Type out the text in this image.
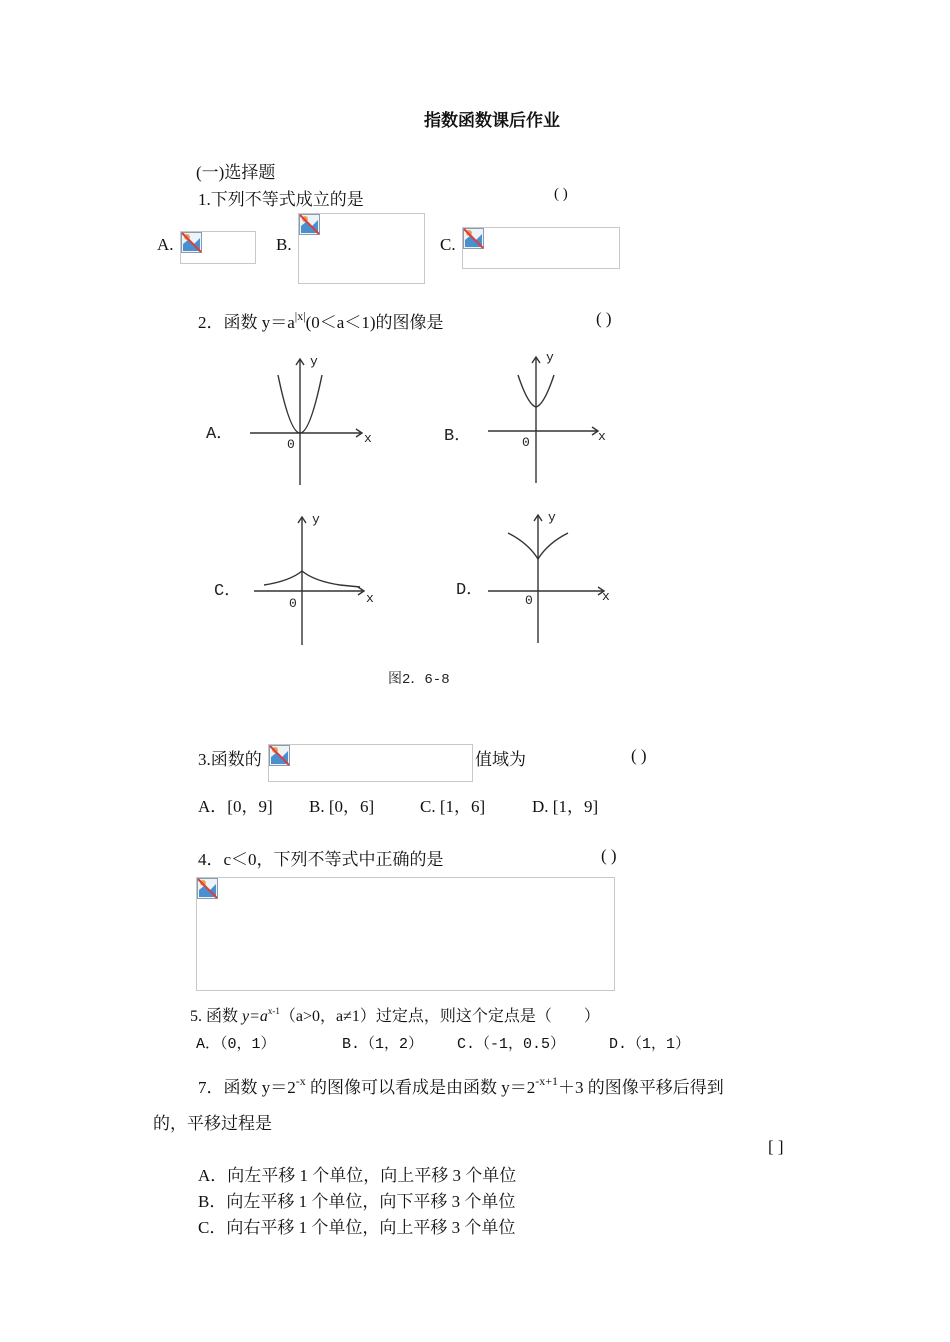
指数函数课后作业
(一)选择题
1.下列不等式成立的是	( )
A.	B.	C.
2．函数 $y=a^{|x|}(0<a<1)$的图像是	( )
A．
0	x
y
B．	0	x
y
C．
0	x
y
D．
0	x
y
图2．6-8
3.函数的	值域为	( )
A．[0，9] B. [0，6]	C. [1，6]	D. [1，9]
4．c＜0，下列不等式中正确的是	( )
5. 函数 $y=a^{x-1}(a>0$，a≠1）过定点，则这个定点是（　　）
A．（0，1）	B.（1，2） C.（-1，0.5）	D.（1，1）
7．函数 $y=2^{-x}$ 的图像可以看成是由函数 $y=2^{-x+1}+3$ 的图像平移后得到
的，平移过程是
[ ]
A．向左平移 1 个单位，向上平移 3 个单位
B．向左平移 1 个单位，向下平移 3 个单位
C．向右平移 1 个单位，向上平移 3 个单位
